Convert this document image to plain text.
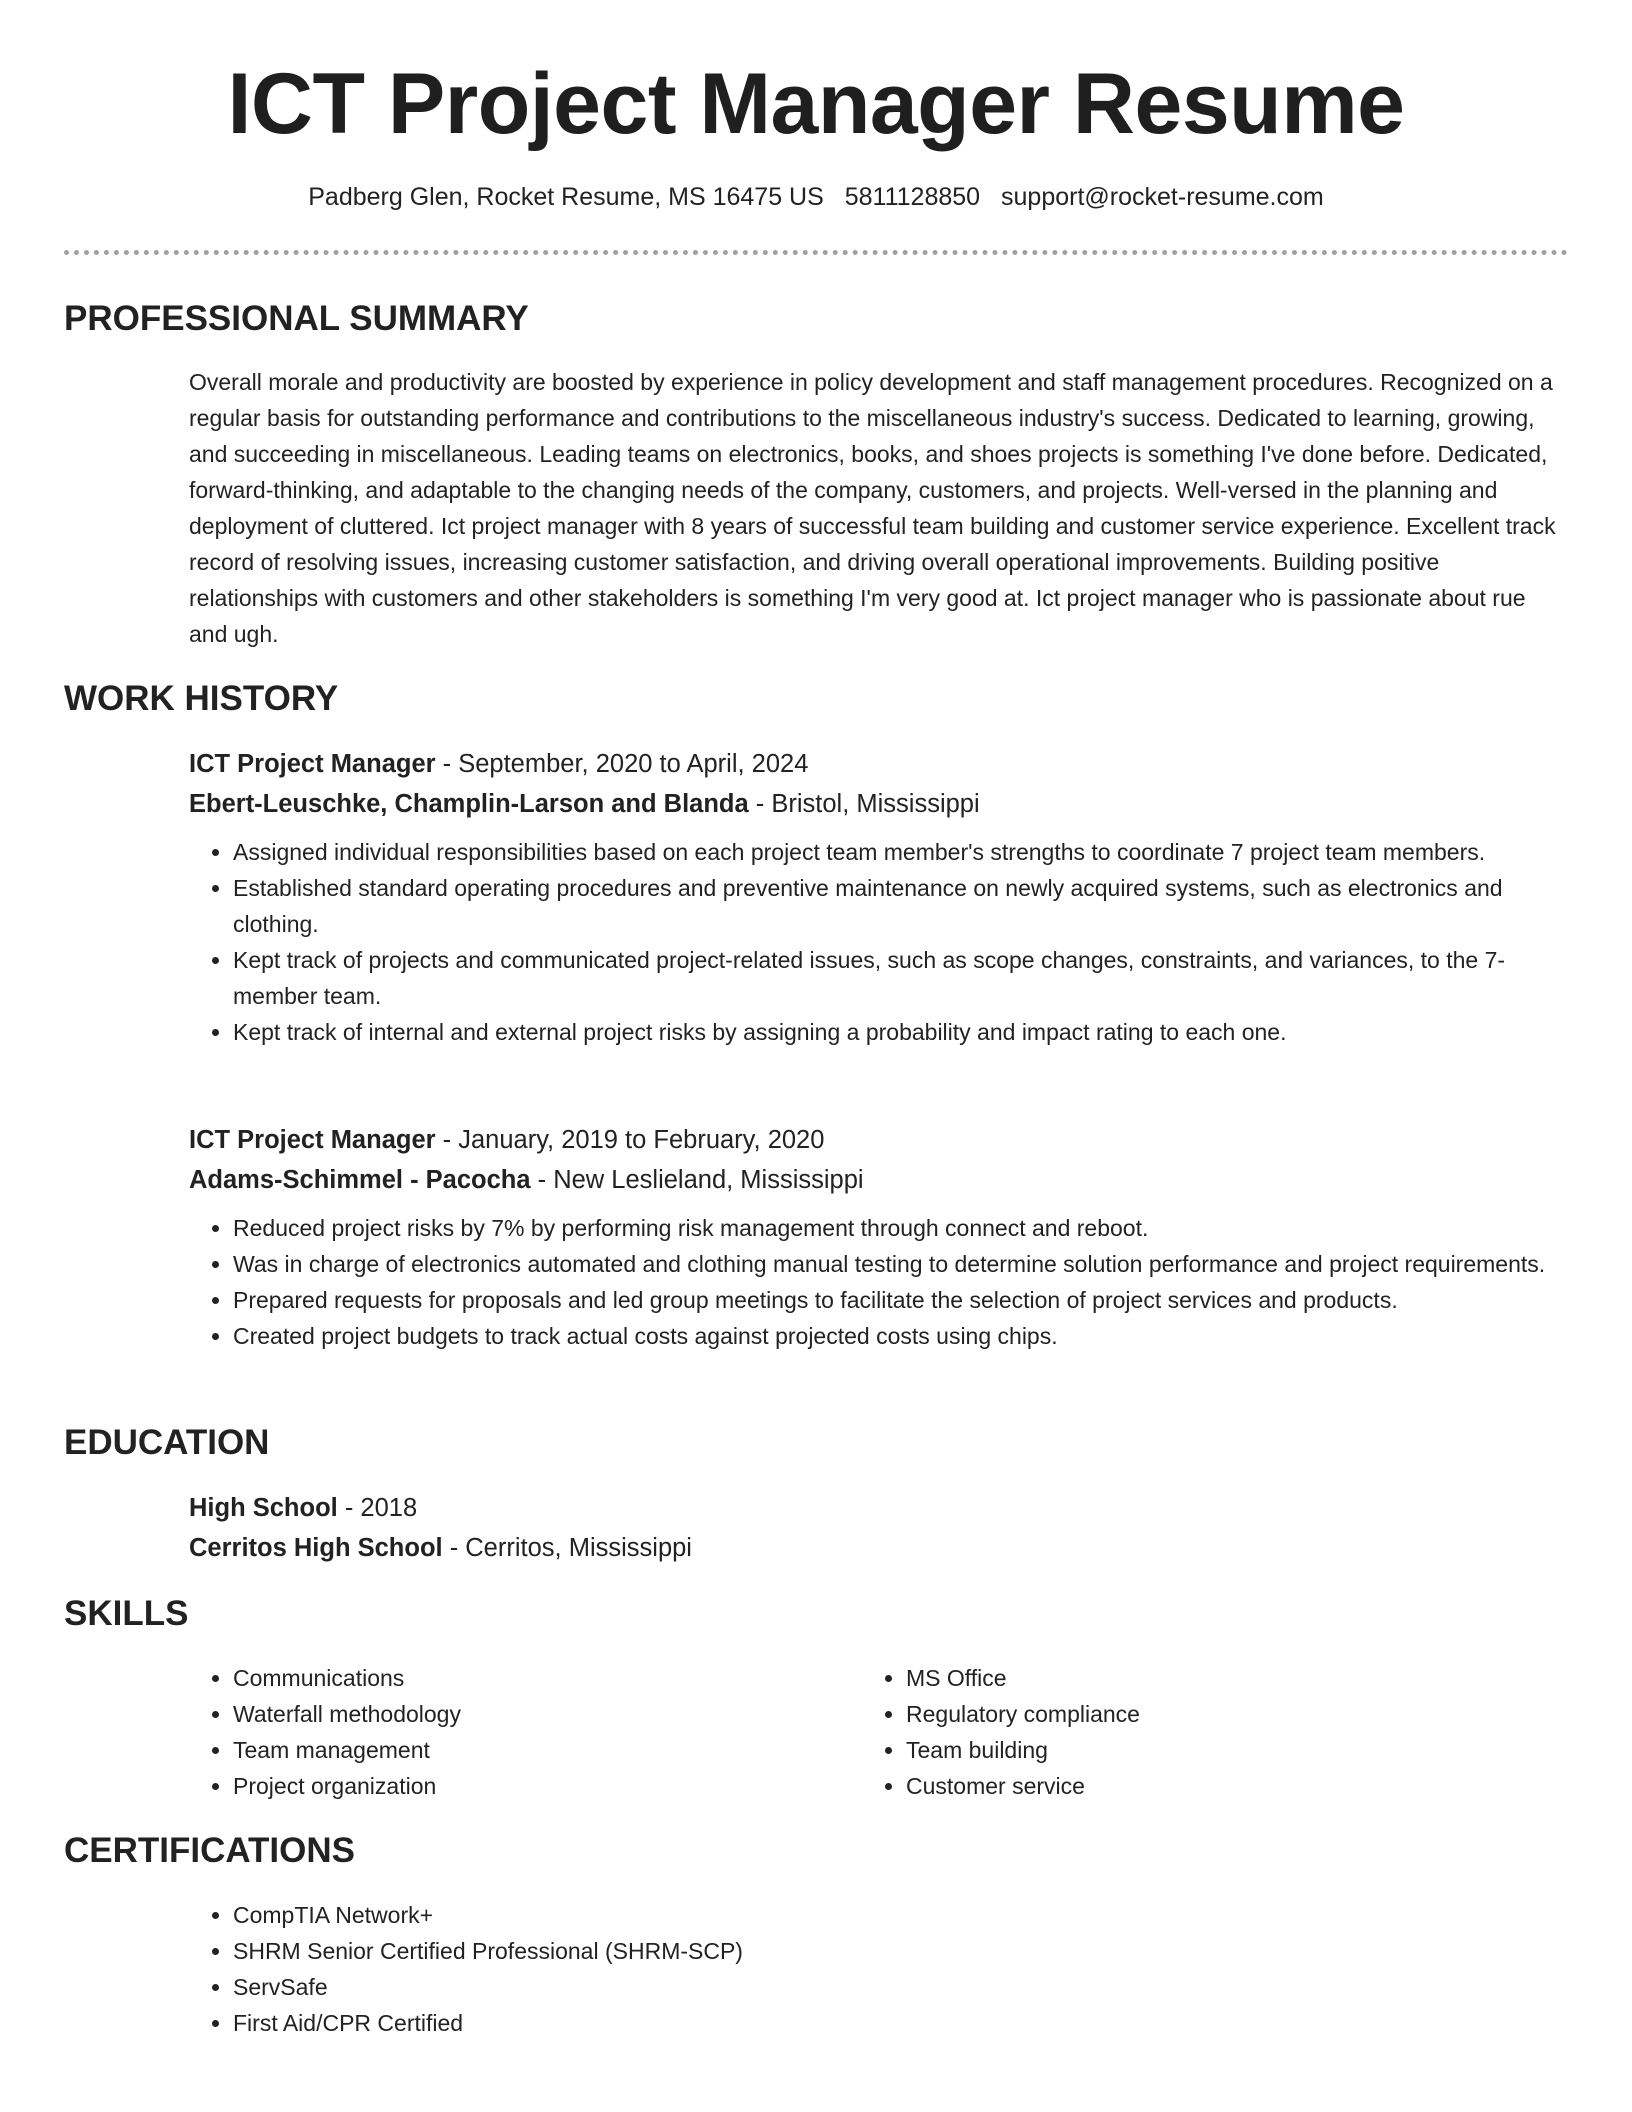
ICT Project Manager Resume
Padberg Glen, Rocket Resume, MS 16475 US 5811128850 support@rocket-resume.com
PROFESSIONAL SUMMARY

Overall morale and productivity are boosted by experience in policy development and staff management procedures. Recognized on a regular basis for outstanding performance and contributions to the miscellaneous industry's success. Dedicated to learning, growing, and succeeding in miscellaneous. Leading teams on electronics, books, and shoes projects is something I've done before. Dedicated, forward-thinking, and adaptable to the changing needs of the company, customers, and projects. Well-versed in the planning and deployment of cluttered. Ict project manager with 8 years of successful team building and customer service experience. Excellent track record of resolving issues, increasing customer satisfaction, and driving overall operational improvements. Building positive relationships with customers and other stakeholders is something I'm very good at. Ict project manager who is passionate about rue and ugh.

WORK HISTORY

ICT Project Manager - September, 2020 to April, 2024

Ebert-Leuschke, Champlin-Larson and Blanda - Bristol, Mississippi

• Assigned individual responsibilities based on each project team member's strengths to coordinate 7 project team members.
• Established standard operating procedures and preventive maintenance on newly acquired systems, such as electronics and clothing.
• Kept track of projects and communicated project-related issues, such as scope changes, constraints, and variances, to the 7-member team.
• Kept track of internal and external project risks by assigning a probability and impact rating to each one.

ICT Project Manager - January, 2019 to February, 2020

Adams-Schimmel - Pacocha - New Leslieland, Mississippi

• Reduced project risks by 7% by performing risk management through connect and reboot.
• Was in charge of electronics automated and clothing manual testing to determine solution performance and project requirements.
• Prepared requests for proposals and led group meetings to facilitate the selection of project services and products.
• Created project budgets to track actual costs against projected costs using chips.
EDUCATION

High School - 2018

Cerritos High School - Cerritos, Mississippi

SKILLS
• Communications
• Waterfall methodology
• Team management
• Project organization
• MS Office
• Regulatory compliance
• Team building
• Customer service
CERTIFICATIONS
• CompTIA Network+
• SHRM Senior Certified Professional (SHRM-SCP)
• ServSafe
• First Aid/CPR Certified
